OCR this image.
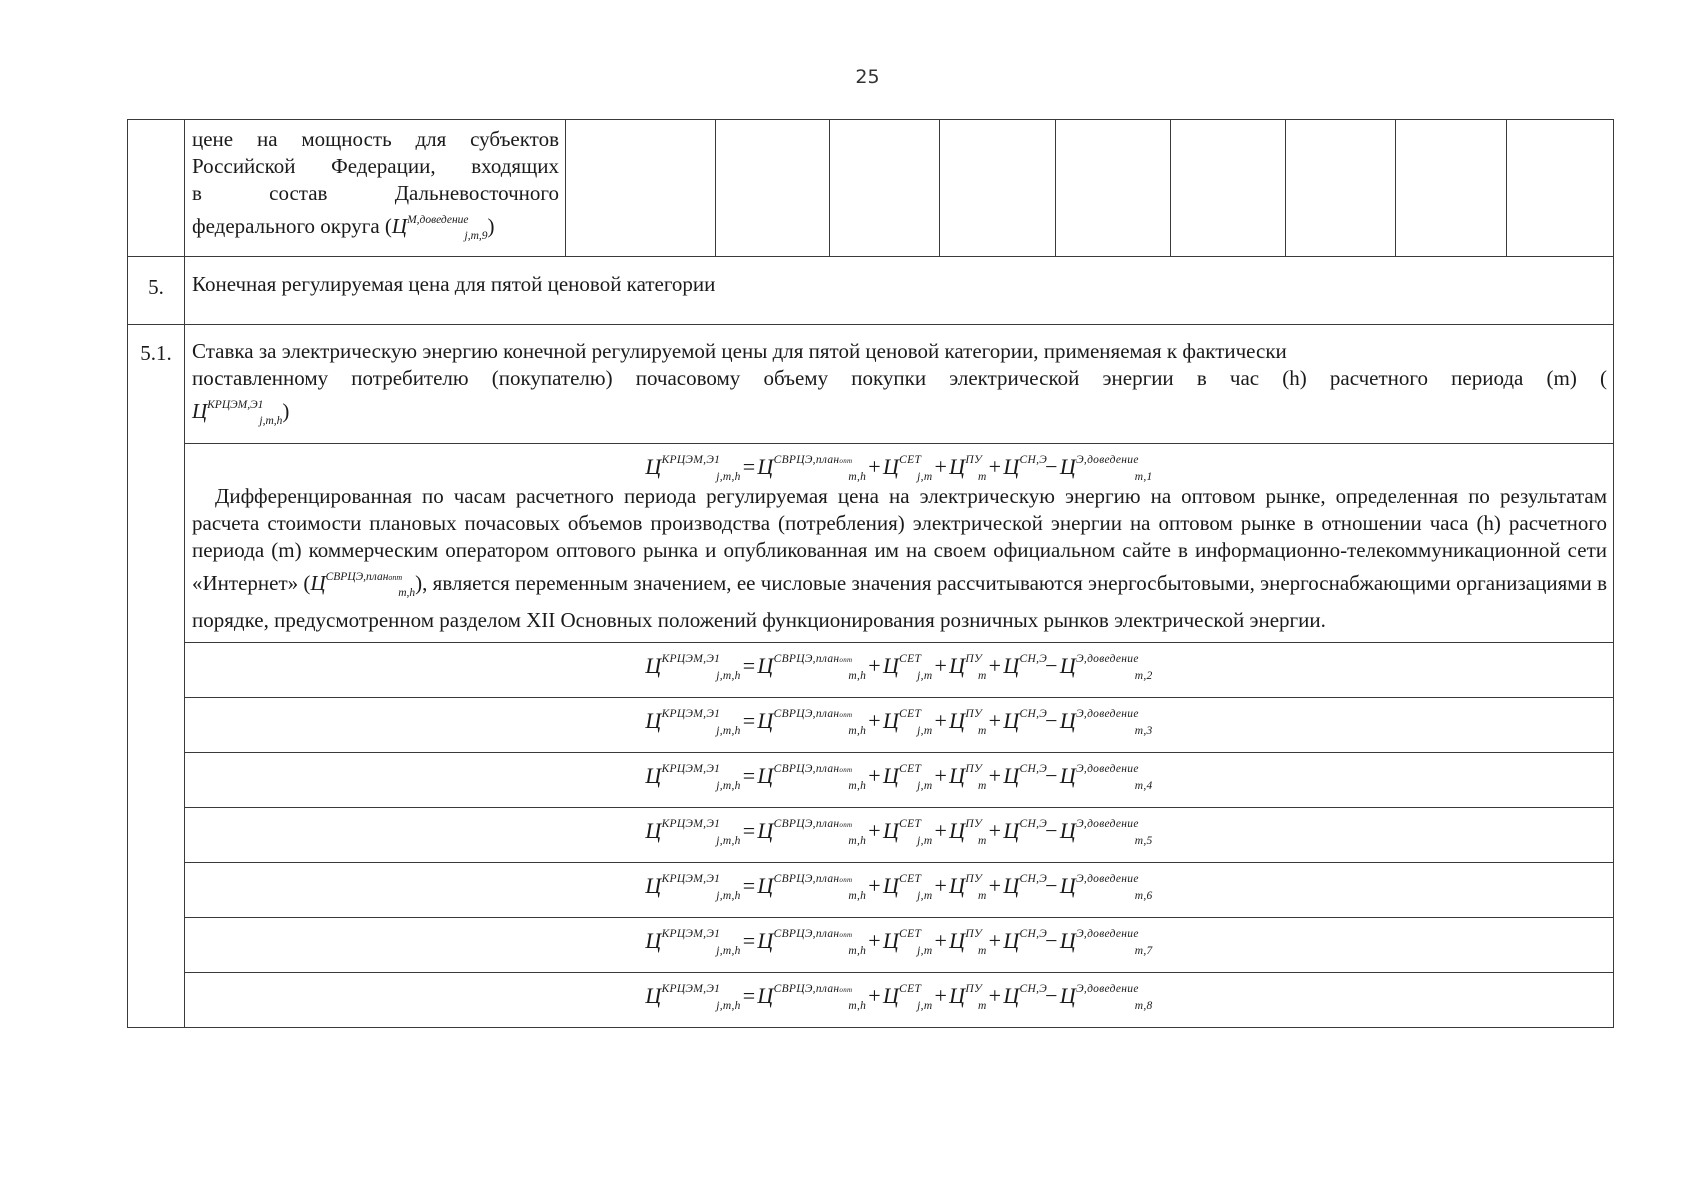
25

	цене на мощность для субъектов
Российской Федерации, входящих
в состав Дальневосточного
федерального округа $(Ц^{М,доведение}_{j,m,9})$									

5.	Конечная регулируемая цена для пятой ценовой категории									
5.1.	Ставка за электрическую энергию конечной регулируемой цены для пятой ценовой категории, применяемая к фактически
поставленному потребителю (покупателю) почасовому объему покупки электрической энергии в час (h) расчетного периода (m) (
$Ц^{КРЦЭМ,Э1}_{j,m,h}$)									

	$Ц^{КРЦЭМ,Э1}_{j,m,h}=Ц^{СВРЦЭ,планопт}_{m,h}+Ц^{СЕТ}_{j,m}+Ц^{ПУ}_m+Ц^{СН,Э}-Ц^{Э,доведение}_{m,1}$
Дифференцированная по часам расчетного периода регулируемая цена на электрическую энергию на оптовом рынке, определенная по результатам расчета стоимости плановых почасовых объемов производства (потребления) электрической энергии на оптовом рынке в отношении часа (h) расчетного периода (m) коммерческим оператором оптового рынка и опубликованная им на своем официальном сайте в информационно-телекоммуникационной сети «Интернет» $(Ц^{СВРЦЭ,планопт}_{m,h})$, является переменным значением, ее числовые значения рассчитываются энергосбытовыми, энергоснабжающими организациями в порядке, предусмотренном разделом XII Основных положений функционирования розничных рынков электрической энергии.									

	$Ц^{КРЦЭМ,Э1}_{j,m,h}=Ц^{СВРЦЭ,планопт}_{m,h}+Ц^{СЕТ}_{j,m}+Ц^{ПУ}_m+Ц^{СН,Э}-Ц^{Э,доведение}_{m,2}$

	$Ц^{КРЦЭМ,Э1}_{j,m,h}=Ц^{СВРЦЭ,планопт}_{m,h}+Ц^{СЕТ}_{j,m}+Ц^{ПУ}_m+Ц^{СН,Э}-Ц^{Э,доведение}_{m,3}$

	$Ц^{КРЦЭМ,Э1}_{j,m,h}=Ц^{СВРЦЭ,планопт}_{m,h}+Ц^{СЕТ}_{j,m}+Ц^{ПУ}_m+Ц^{СН,Э}-Ц^{Э,доведение}_{m,4}$

	$Ц^{КРЦЭМ,Э1}_{j,m,h}=Ц^{СВРЦЭ,планопт}_{m,h}+Ц^{СЕТ}_{j,m}+Ц^{ПУ}_m+Ц^{СН,Э}-Ц^{Э,доведение}_{m,5}$

	$Ц^{КРЦЭМ,Э1}_{j,m,h}=Ц^{СВРЦЭ,планопт}_{m,h}+Ц^{СЕТ}_{j,m}+Ц^{ПУ}_m+Ц^{СН,Э}-Ц^{Э,доведение}_{m,6}$

	$Ц^{КРЦЭМ,Э1}_{j,m,h}=Ц^{СВРЦЭ,планопт}_{m,h}+Ц^{СЕТ}_{j,m}+Ц^{ПУ}_m+Ц^{СН,Э}-Ц^{Э,доведение}_{m,7}$

	$Ц^{КРЦЭМ,Э1}_{j,m,h}=Ц^{СВРЦЭ,планопт}_{m,h}+Ц^{СЕТ}_{j,m}+Ц^{ПУ}_m+Ц^{СН,Э}-Ц^{Э,доведение}_{m,8}$
